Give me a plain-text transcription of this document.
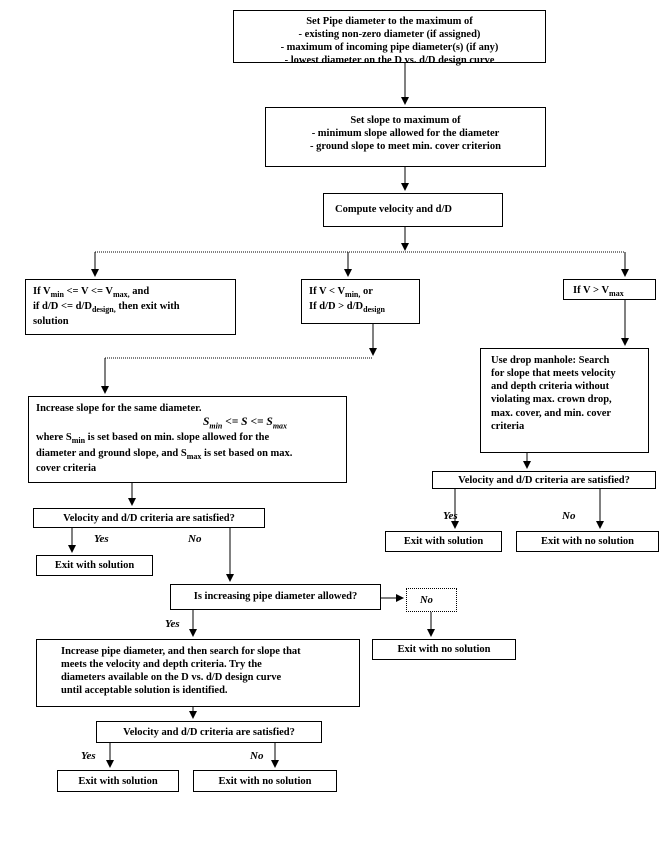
Set Pipe diameter to the maximum of
- existing non-zero diameter (if assigned)
- maximum of incoming pipe diameter(s) (if any)
- lowest diameter on the D vs. d/D design curve
Set slope to maximum of
- minimum slope allowed for the diameter
- ground slope to meet min. cover criterion
Compute velocity and d/D
If $V_{min} <= V <= V_{max,}$ and
if $d/D <= d/D_{design,}$ then exit with
solution
If $V < V_{min,}$ or
If $d/D > d/D_{design}$
If $V > V_{max}$
Use drop manhole: Search
for slope that meets velocity
and depth criteria without
violating max. crown drop,
max. cover, and min. cover
criteria
Velocity and d/D criteria are satisfied?
Yes	No
Exit with solution	Exit with no solution
Increase slope for the same diameter.
$S_{min} <= S <= S_{max}$
where $S_{min}$ is set based on min. slope allowed for the
diameter and ground slope, and $S_{max}$ is set based on max.
cover criteria
Velocity and d/D criteria are satisfied?
Yes	No
Exit with solution
Is increasing pipe diameter allowed?	No
Yes
Exit with no solution
Increase pipe diameter, and then search for slope that
meets the velocity and depth criteria. Try the
diameters available on the D vs. d/D design curve
until acceptable solution is identified.
Velocity and d/D criteria are satisfied?
Yes	No
Exit with solution	Exit with no solution
